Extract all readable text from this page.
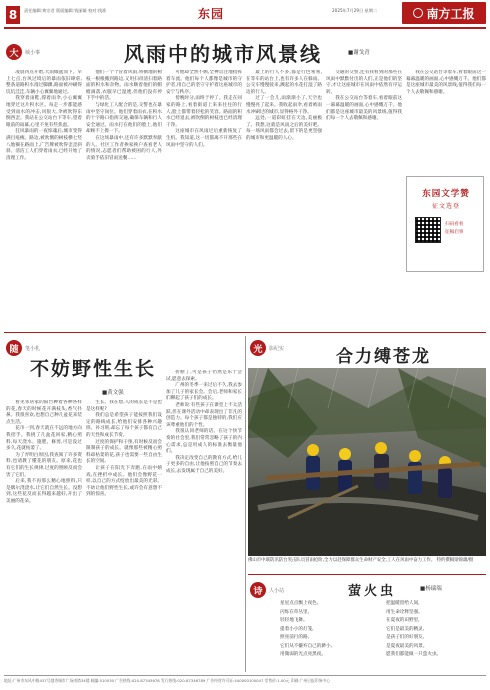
8	责任编辑:黄宗君 版面编辑:钱丽雄 校对:钱准	东园	2025年7月29日 星期二	南方工报
大	城小事	风雨中的城市风景线	■谢戈青

凌晨四点开始,大雨倾盆而下。早上七点,台风过境后的暴雨依旧肆虐,整条道路积水漫过脚踝,路面被冲刷得坑坑洼洼,车辆小心翼翼地通过。

我穿着雨鞋,撑着雨伞,小心翼翼地穿过这片积水区。每走一步都能感受到雨水的冲击,风很大,伞被吹得东倒西歪。我站在公交站台下等车,望着眼前的雨幕,心里不免有些焦虑。

狂风暴雨的一夜惊魂后,城市变得满目疮痍。路边,被吹倒的树枝横七竖八地躺在路面上,广告牌被吹得歪歪斜斜。清洁工人们穿着雨衣,已经开始了清理工作。

他们一个个冒着风雨,将倒地的树枝一根根搬到路边,又用扫帚清扫着路面的积水和杂物。雨水顺着他们的帽檐滴落,衣服早已湿透,但他们没有停下手中的活。

与绿化工人配合的是,交警也在暴雨中坚守岗位。他们穿着雨衣,在积水的十字路口指挥交通,确保车辆和行人安全通过。雨水打在他们的脸上,他们却顾不上擦一下。

在这场暴雨中,还有许多默默奉献的人。社区工作者挨家挨户查看老人的情况,志愿者们帮助被困的行人,外卖骑手依旧冒雨送餐……

可他却全然不顾,全神贯注地指挥着车流。他们每个人都像是城市的守护者,用自己的坚守守护着这座城市的安宁与秩序。

傍晚时分,雨终于停了。我走在回家的路上,看着街道上来来往往的行人,脸上都带着轻松的笑容。路面的积水已经退去,被吹倒的树枝也已经清理干净。

这座城市在风雨过后重新恢复了生机。我知道,这一切都离不开那些在风雨中坚守的人们。

最上的行人不多,都是行色匆匆,在等车的站台上,也有许多人在躲雨。公交车慢慢驶来,溅起的水花打湿了路边的行人。

过了一会儿,雨渐渐小了,天空也慢慢亮了起来。我收起雨伞,看着被雨水冲刷过的城市,显得格外干净。

远处,一道彩虹挂在天边,美丽极了。我想,这就是风雨之后的美好吧。每一场风雨都会过去,留下的是更坚强的城市和更温暖的人心。

交通的交警,还有我看到的那些在风雨中默默付出的人们,正是他们的坚守,才让这座城市在风雨中依然有序运转。

我在公交站台等着车,看着眼前这一幕幕温暖的画面,心中感慨万千。他们都是这座城市最美的风景线,值得我们每一个人去敬佩和感谢。

我在公交站台等着车,看着眼前这一幕幕温暖的画面,心中感慨万千。他们都是这座城市最美的风景线,值得我们每一个人去敬佩和感谢。

东园文学赞
征文选登
扫码看看
征稿启事
随	笔小札
不妨野性生长
■黄文强

看见邻居家的阳台种着各种各样的花,春天的时候花开满枝头,香气扑鼻。我很喜欢,也想自己种几盆花来装点生活。

花市一到,春天就在不远的地方向我招手。我挑了几盆花回家,精心照料,每天浇水、施肥、修剪,可是没过多久,花就枯萎了。

为了弄明白原因,我查阅了许多资料,也请教了懂花的朋友。原来,花也有它们的生长规律,过度的照顾反而会害了它们。

后来,我不再那么精心地照料,只是偶尔浇浇水,让它们自然生长。没想到,这些花反而长得越来越好,开出了美丽的花朵。

生长。我在想,人的成长是不是也是这样呢?

我们总是希望孩子能按照我们设定的路线成长,给他们安排各种兴趣班、补习班,却忘了每个孩子都有自己的天性和成长节奏。

过度的保护和干预,有时候反而会限制孩子的成长。就像那些被精心照料却枯萎的花,孩子也需要一些自由生长的空间。

让孩子在阳光下奔跑,在雨中嬉戏,在挫折中成长。他们会像野花一样,以自己的方式绽放出最美的光彩。不妨让他们野性生长,或许会有意想不到的惊喜。

折断了,可是孩子仍然是乐于尝试,愿意去探索。

广州的冬季一来过后不久,我去参加了儿子的家长会。会后,老师和家长们聊起了孩子们的成长。

老师说:有些孩子在课堂上不太活跃,但在课外活动中却表现出了非凡的创造力。每个孩子都是独特的,我们应该尊重他们的个性。

我很认同老师的话。在这个快节奏的社会里,我们常常忽略了孩子的内心需求,总是用成人的标准去衡量他们。

我决定改变自己的教育方式,给儿子更多的自由,让他按照自己的节奏去成长,去发现属于自己的美好。

光	影纪实	合力缚苍龙
佛山市中联防汛防台突击队员冒雨抢险,全力以赴保障群众生命财产安全,工人在风雨中奋力工作。 特约撰稿梁锦雄/摄
诗	人小站	萤火虫	■杨瑞端
星星点点飘上夜色,
闪烁在草丛里,
轻轻地飞舞。
提着小小的灯笼,
照亮前行的路。
它们从不嫌弃自己的渺小,
用微弱的光点亮黑夜。
把温暖留给人间,
用生命诠释坚强。
在夏夜的田野里,
它们是最美的精灵,
是孩子们的好朋友,
是夏夜最美的风景。
愿我们都能做一只萤火虫。
地址:广州市东风中路437号越秀城市广场南塔34楼 邮编:510030 广告热线:020-87345678 发行热线:020-87346789 广告经营许可证:440000100047 零售价:1.00元 印刷:广州日报印务中心
